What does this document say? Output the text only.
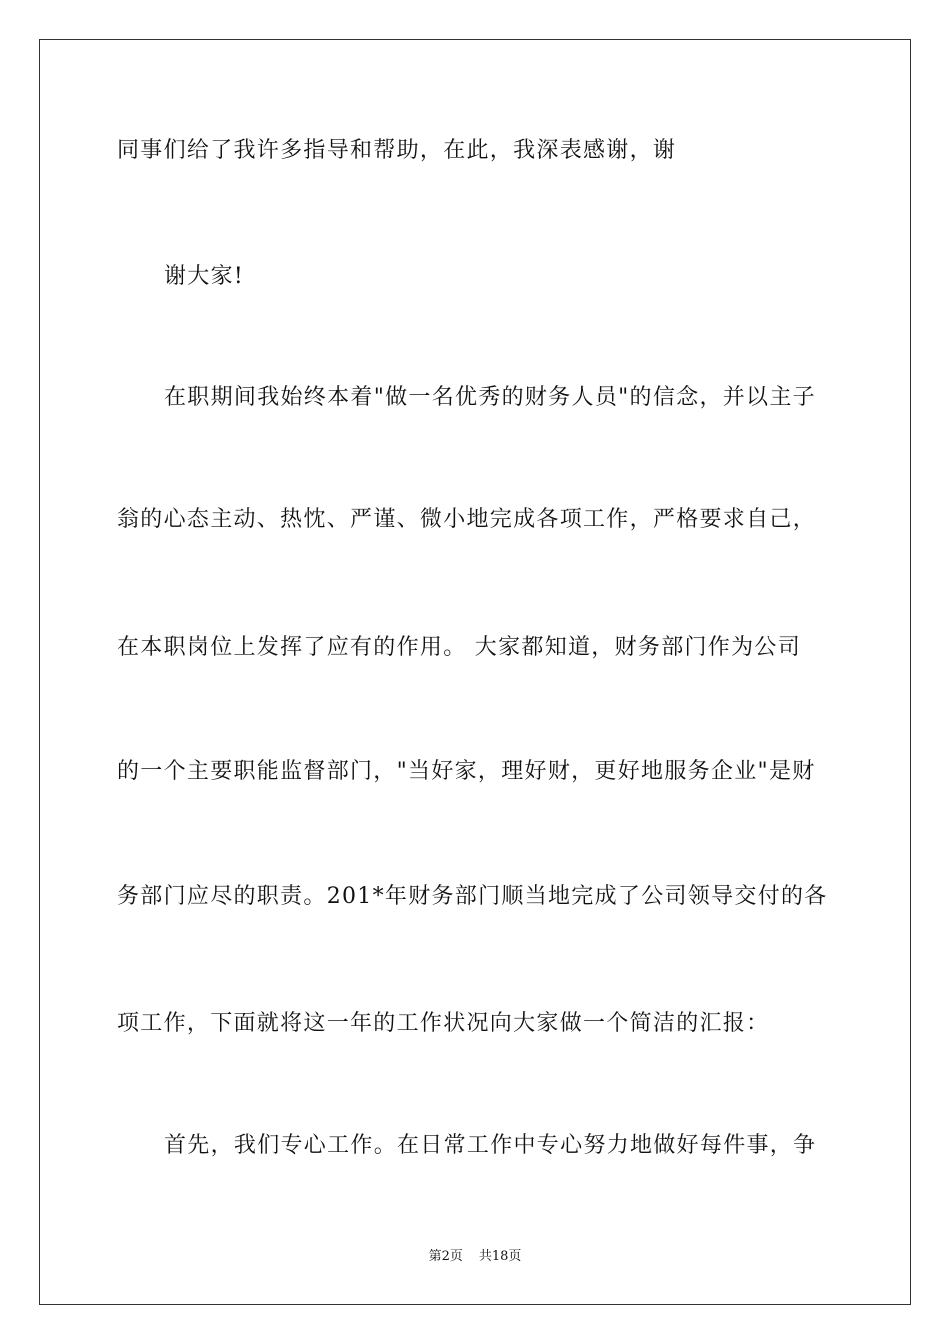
同事们给了我许多指导和帮助，在此，我深表感谢，谢
谢大家!
在职期间我始终本着"做一名优秀的财务人员"的信念，并以主子
翁的心态主动、热忱、严谨、微小地完成各项工作，严格要求自己，
在本职岗位上发挥了应有的作用。 大家都知道，财务部门作为公司
的一个主要职能监督部门，"当好家，理好财，更好地服务企业"是财
务部门应尽的职责。201*年财务部门顺当地完成了公司领导交付的各
项工作，下面就将这一年的工作状况向大家做一个简洁的汇报：
首先，我们专心工作。在日常工作中专心努力地做好每件事，争
第2页 共18页
